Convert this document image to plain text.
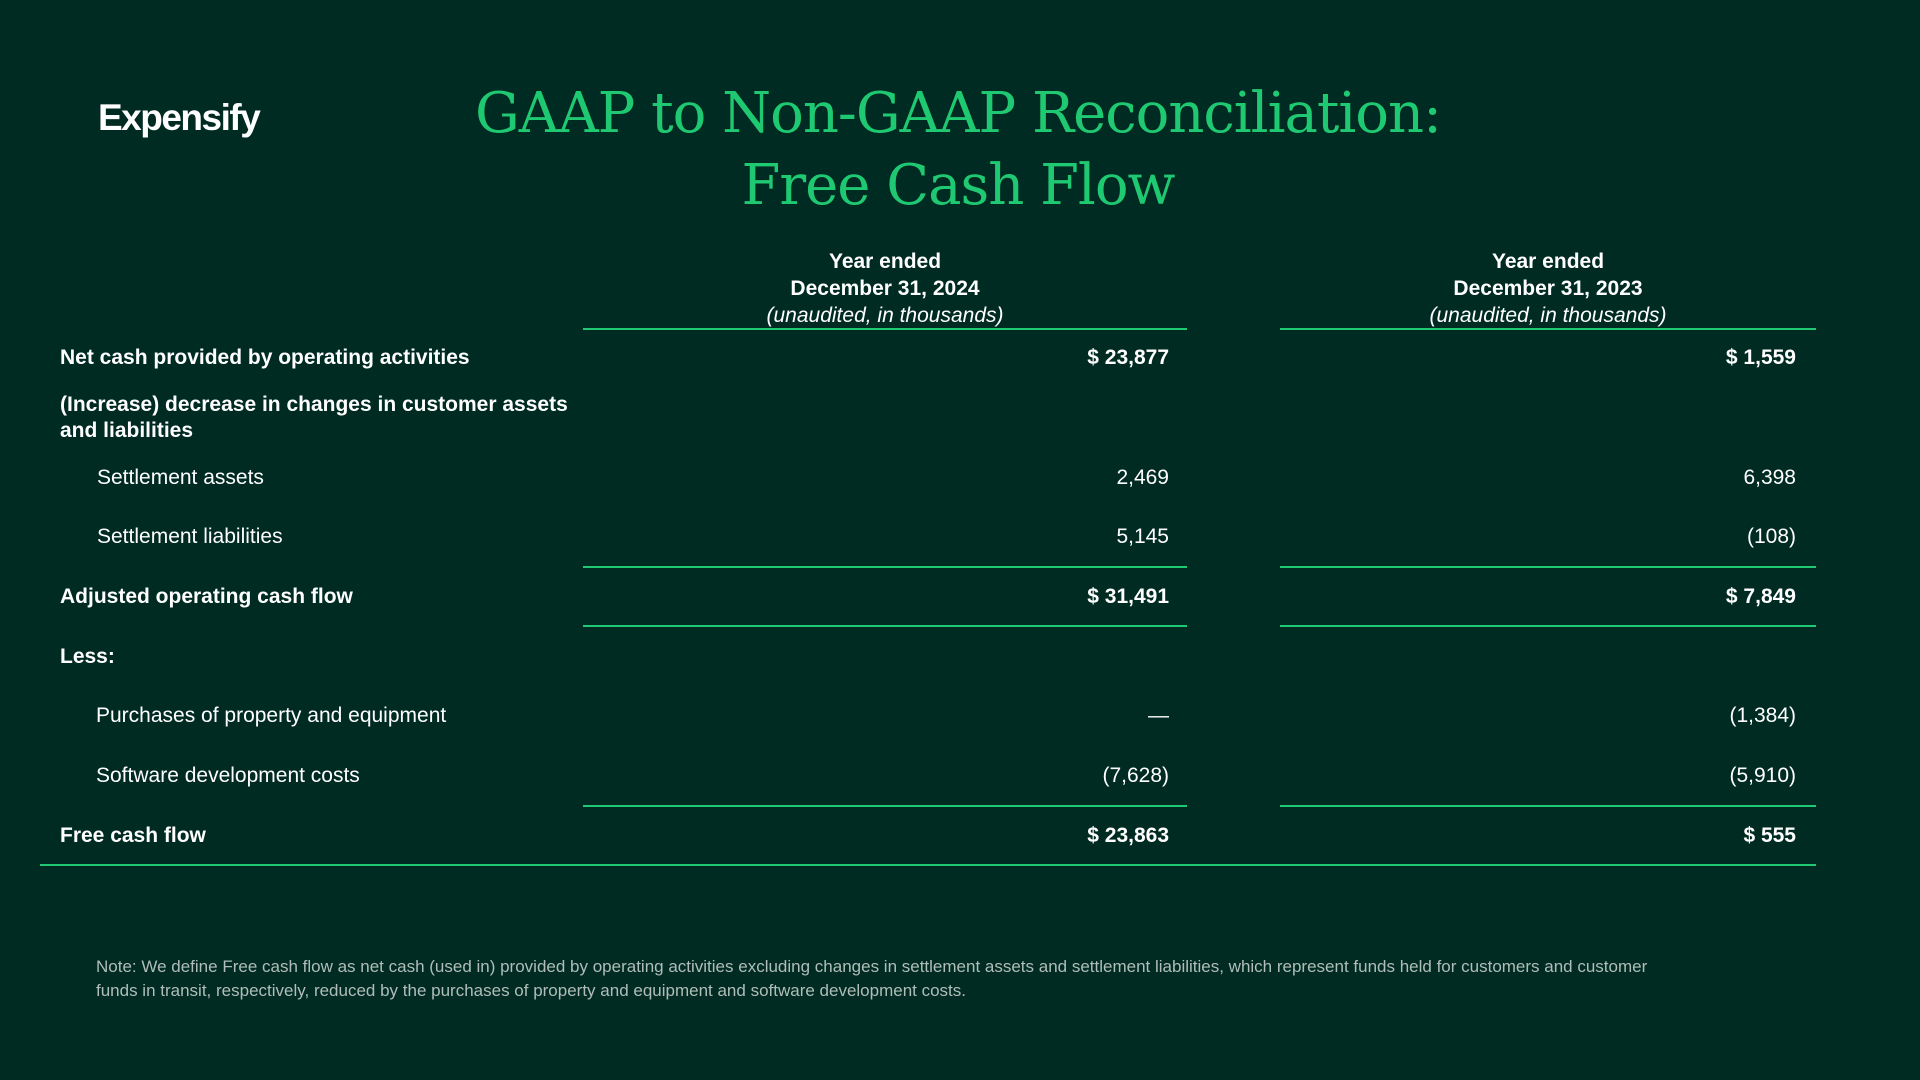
Expensify	GAAP to Non-GAAP Reconciliation:
Free Cash Flow
Year ended
December 31, 2024
(unaudited, in thousands)
Year ended
December 31, 2023
(unaudited, in thousands)
Net cash provided by operating activities	$ 23,877	$ 1,559
(Increase) decrease in changes in customer assets and liabilities
Settlement assets	2,469	6,398
Settlement liabilities	5,145	(108)
Adjusted operating cash flow	$ 31,491	$ 7,849
Less:
Purchases of property and equipment	—	(1,384)
Software development costs	(7,628)	(5,910)
Free cash flow	$ 23,863	$ 555
Note: We define Free cash flow as net cash (used in) provided by operating activities excluding changes in settlement assets and settlement liabilities, which represent funds held for customers and customer funds in transit, respectively, reduced by the purchases of property and equipment and software development costs.
